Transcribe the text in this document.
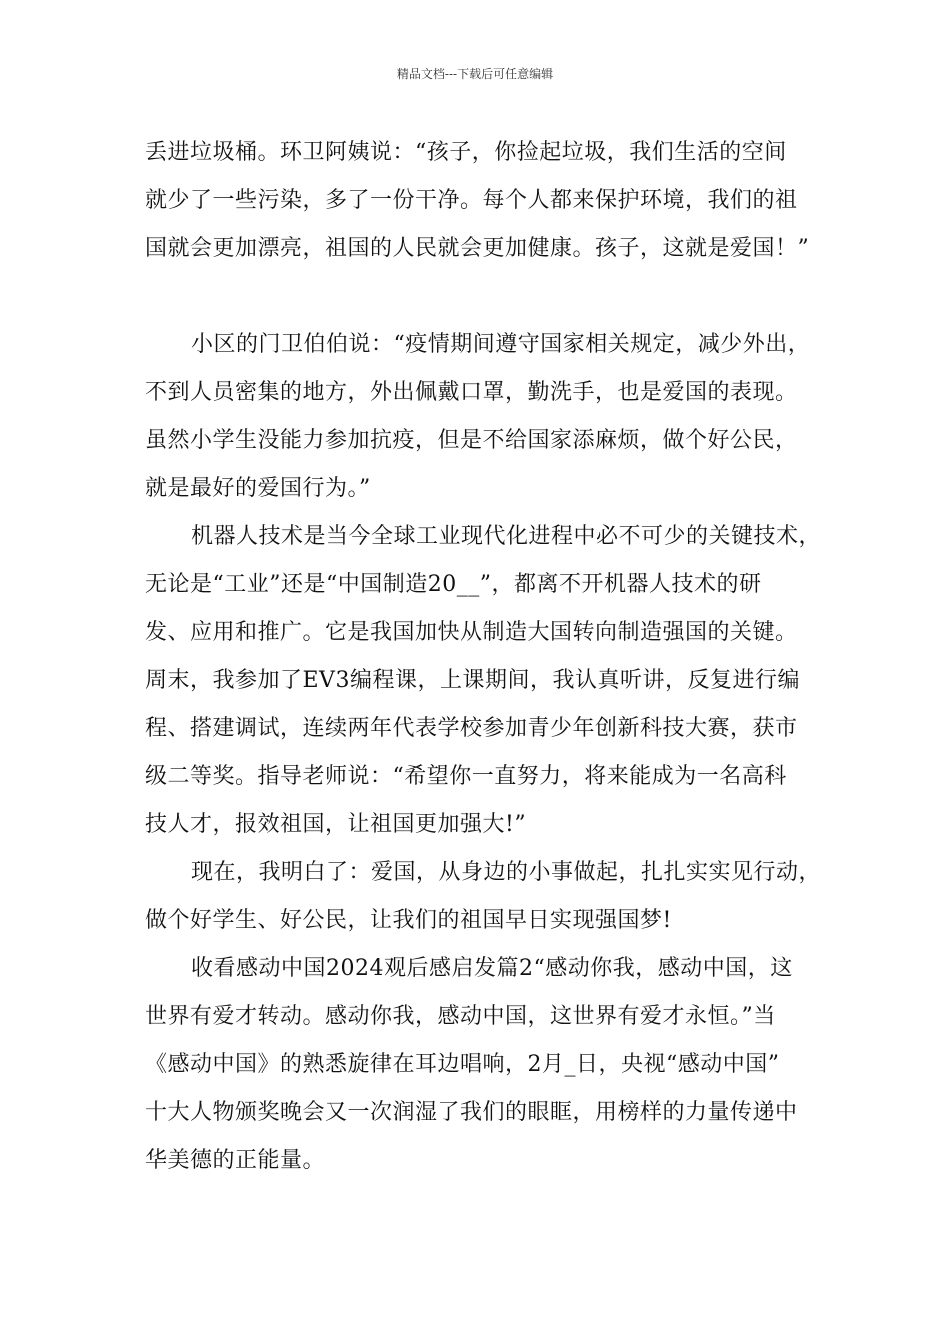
精品文档---下载后可任意编辑
丢进垃圾桶。环卫阿姨说：“孩子，你捡起垃圾，我们生活的空间
就少了一些污染，多了一份干净。每个人都来保护环境，我们的祖
国就会更加漂亮，祖国的人民就会更加健康。孩子，这就是爱国！”
小区的门卫伯伯说：“疫情期间遵守国家相关规定，减少外出，
不到人员密集的地方，外出佩戴口罩，勤洗手，也是爱国的表现。
虽然小学生没能力参加抗疫，但是不给国家添麻烦，做个好公民，
就是最好的爱国行为。”
机器人技术是当今全球工业现代化进程中必不可少的关键技术，
无论是“工业”还是“中国制造20__”，都离不开机器人技术的研
发、应用和推广。它是我国加快从制造大国转向制造强国的关键。
周末，我参加了EV3编程课，上课期间，我认真听讲，反复进行编
程、搭建调试，连续两年代表学校参加青少年创新科技大赛，获市
级二等奖。指导老师说：“希望你一直努力，将来能成为一名高科
技人才，报效祖国，让祖国更加强大!”
现在，我明白了：爱国，从身边的小事做起，扎扎实实见行动，
做个好学生、好公民，让我们的祖国早日实现强国梦!
收看感动中国2024观后感启发篇2“感动你我，感动中国，这
世界有爱才转动。感动你我，感动中国，这世界有爱才永恒。”当
《感动中国》的熟悉旋律在耳边唱响，2月_日，央视“感动中国”
十大人物颁奖晚会又一次润湿了我们的眼眶，用榜样的力量传递中
华美德的正能量。
